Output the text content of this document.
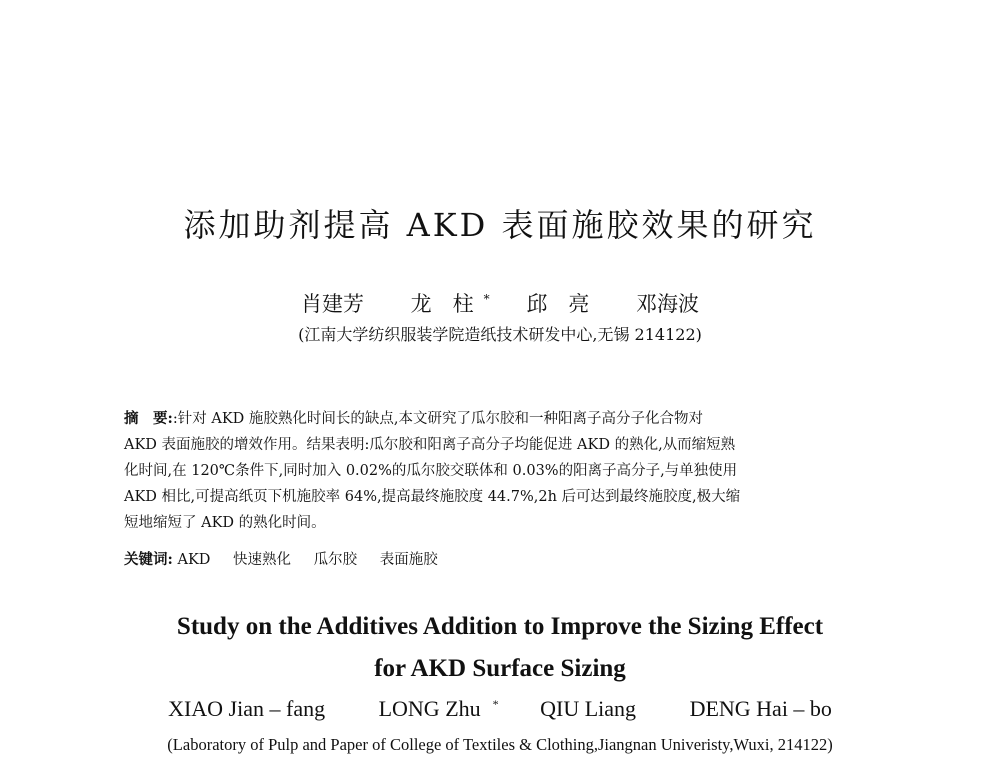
添加助剂提高 AKD 表面施胶效果的研究
肖建芳 龙　柱 * 邱　亮 邓海波
(江南大学纺织服装学院造纸技术研发中心,无锡 214122)
摘　要::针对 AKD 施胶熟化时间长的缺点,本文研究了瓜尔胶和一种阳离子高分子化合物对
AKD 表面施胶的增效作用。结果表明:瓜尔胶和阳离子高分子均能促进 AKD 的熟化,从而缩短熟
化时间,在 120℃条件下,同时加入 0.02%的瓜尔胶交联体和 0.03%的阳离子高分子,与单独使用
AKD 相比,可提高纸页下机施胶率 64%,提高最终施胶度 44.7%,2h 后可达到最终施胶度,极大缩
短地缩短了 AKD 的熟化时间。
关键词: AKD 快速熟化 瓜尔胶 表面施胶
Study on the Additives Addition to Improve the Sizing Effect
for AKD Surface Sizing
XIAO Jian – fang LONG Zhu * QIU Liang DENG Hai – bo
(Laboratory of Pulp and Paper of College of Textiles & Clothing,Jiangnan Univeristy,Wuxi, 214122)
